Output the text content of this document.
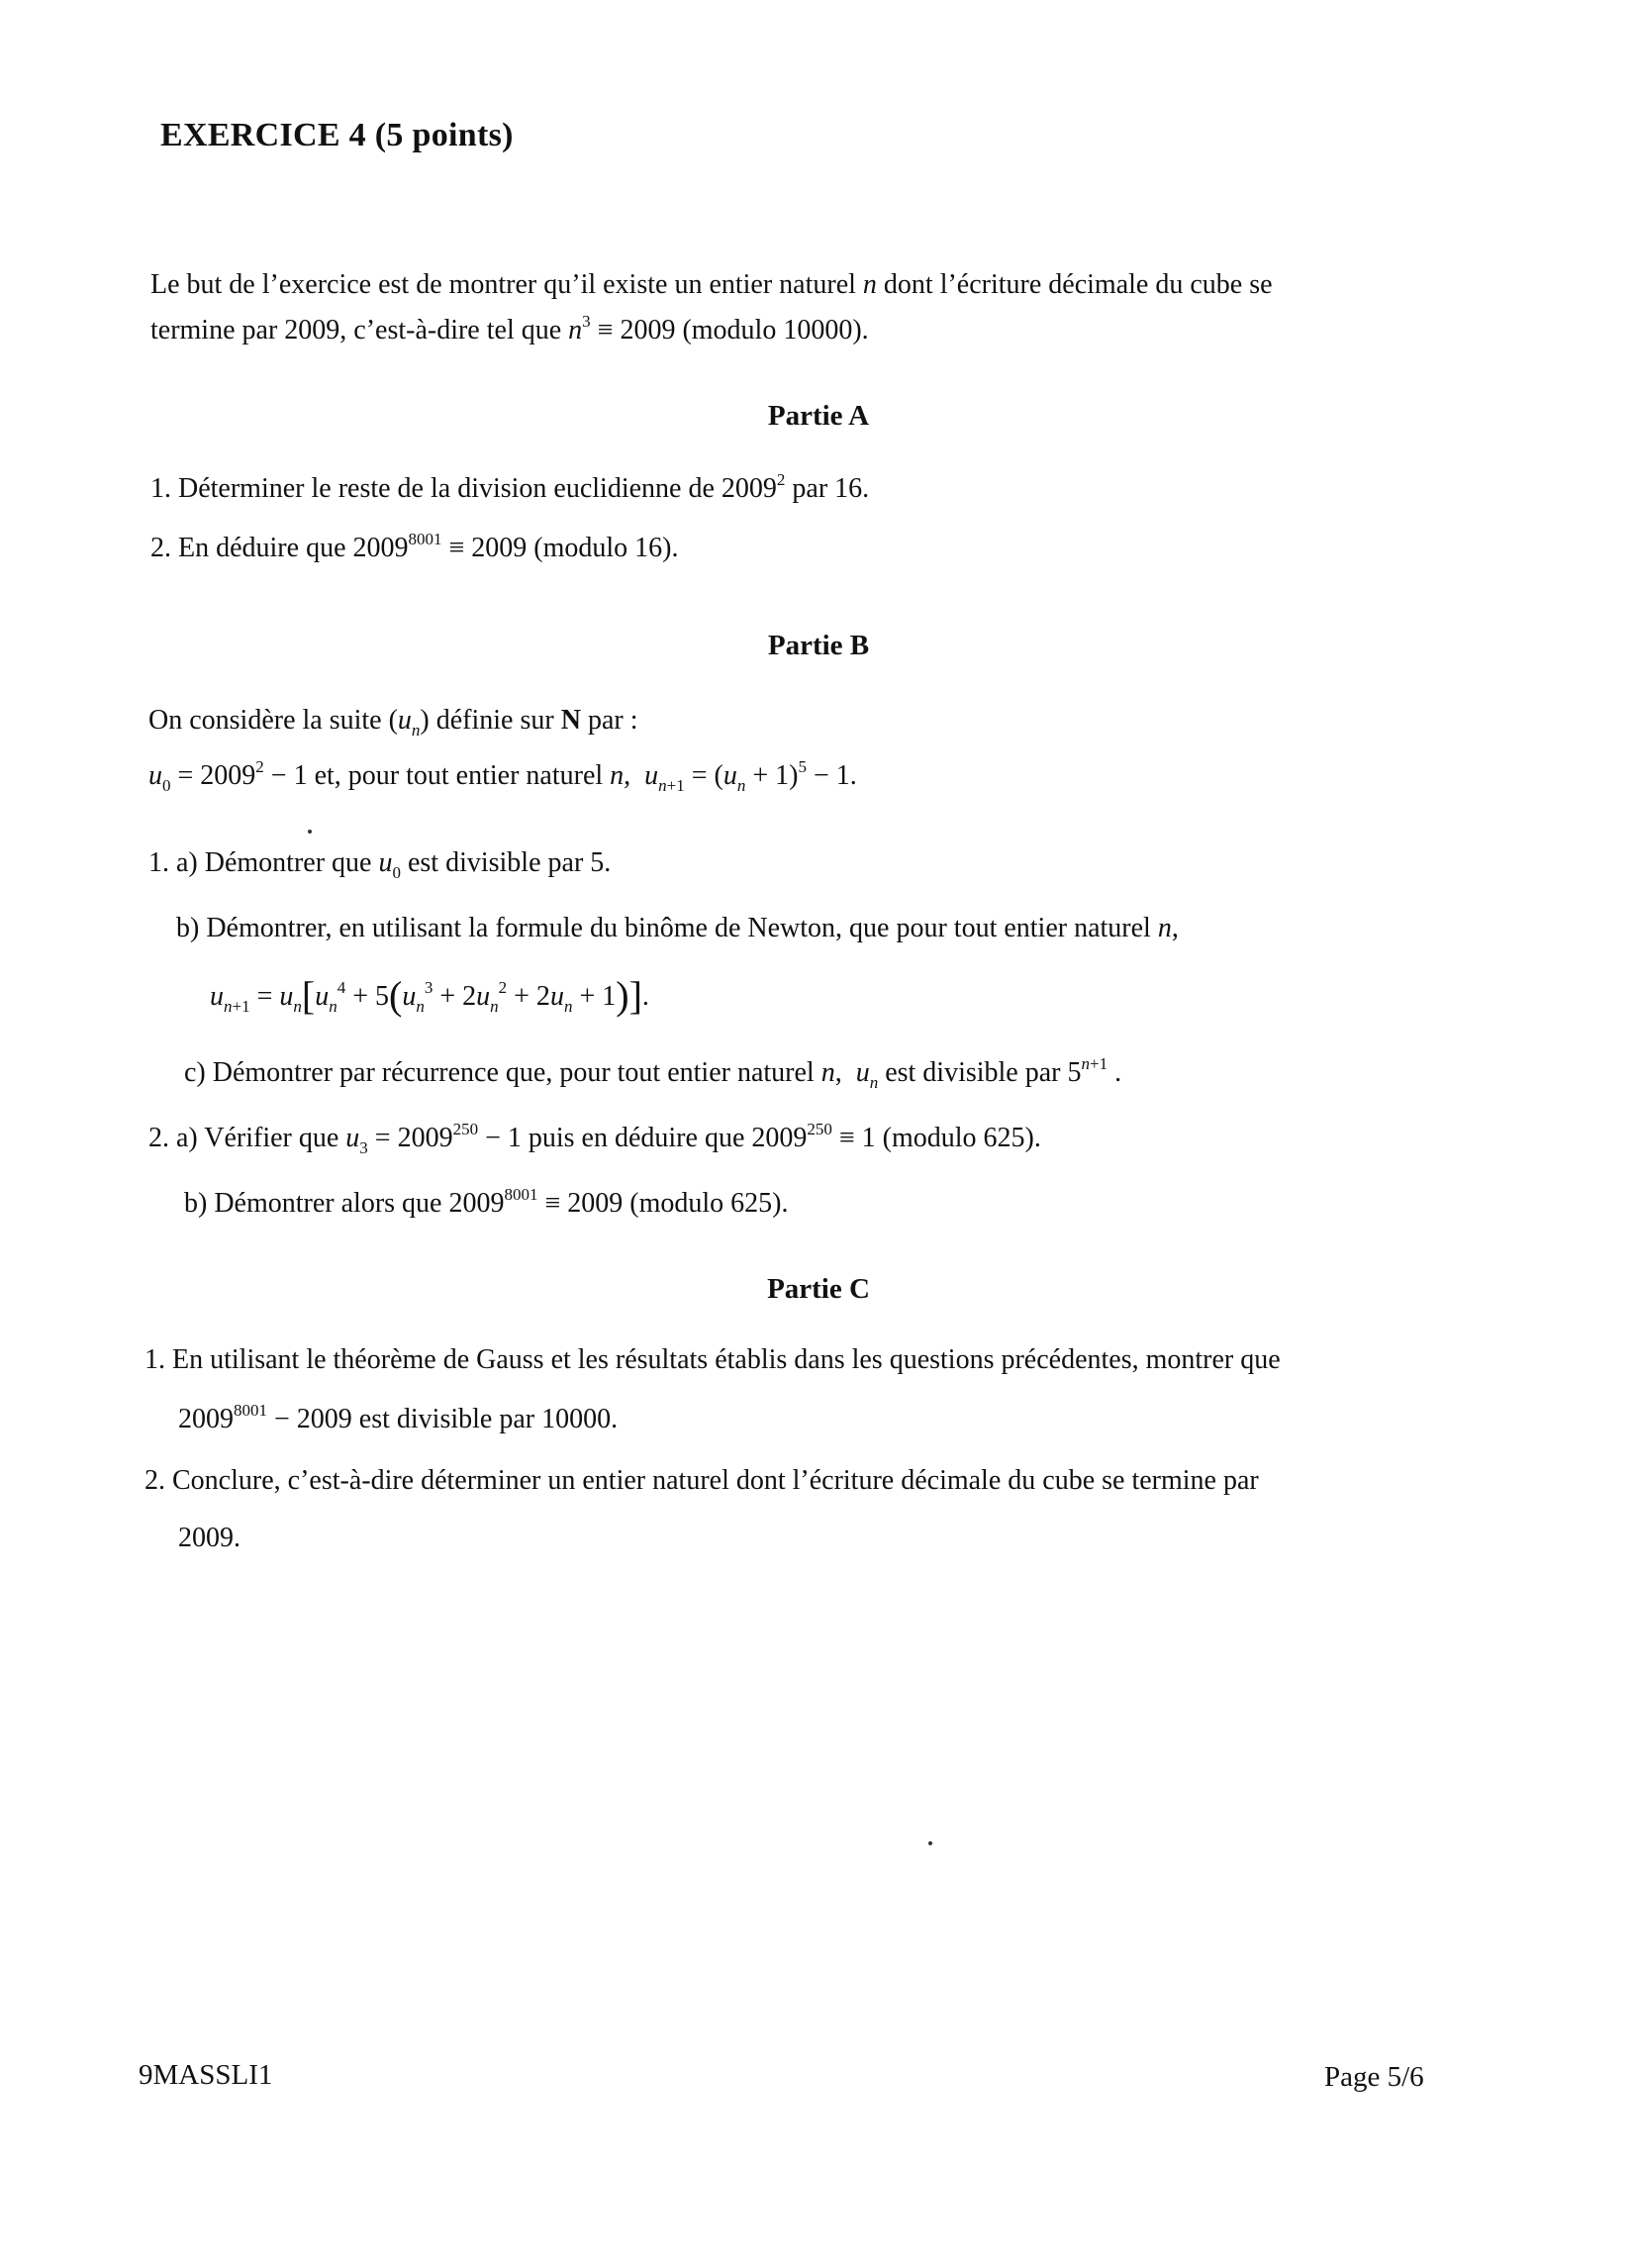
EXERCICE 4 (5 points)
Le but de l’exercice est de montrer qu’il existe un entier naturel n dont l’écriture décimale du cube se
termine par 2009, c’est-à-dire tel que $n^3 \equiv 2009$ (modulo 10000).
Partie A
1. Déterminer le reste de la division euclidienne de 2009$^2$ par 16.
2. En déduire que $2009^{8001} \equiv 2009$ (modulo 16).
Partie B
On considère la suite $(u_n)$ définie sur N par :
$u_0 = 2009^2 - 1$ et, pour tout entier naturel n,  $u_{n+1} = (u_n + 1)^5 - 1$.
1. a) Démontrer que $u_0$ est divisible par 5.
b) Démontrer, en utilisant la formule du binôme de Newton, que pour tout entier naturel n,
$u_{n+1} = u_n[u_n^4 + 5(u_n^3 + 2u_n^2 + 2u_n + 1)]$.
c) Démontrer par récurrence que, pour tout entier naturel n,  $u_n$ est divisible par $5^{n+1}$ .
2. a) Vérifier que $u_3 = 2009^{250} - 1$ puis en déduire que $2009^{250} \equiv 1$ (modulo 625).
b) Démontrer alors que $2009^{8001} \equiv 2009$ (modulo 625).
Partie C
1. En utilisant le théorème de Gauss et les résultats établis dans les questions précédentes, montrer que
$2009^{8001} - 2009$ est divisible par 10000.
2. Conclure, c’est-à-dire déterminer un entier naturel dont l’écriture décimale du cube se termine par
2009.
9MASSLI1	Page 5/6
